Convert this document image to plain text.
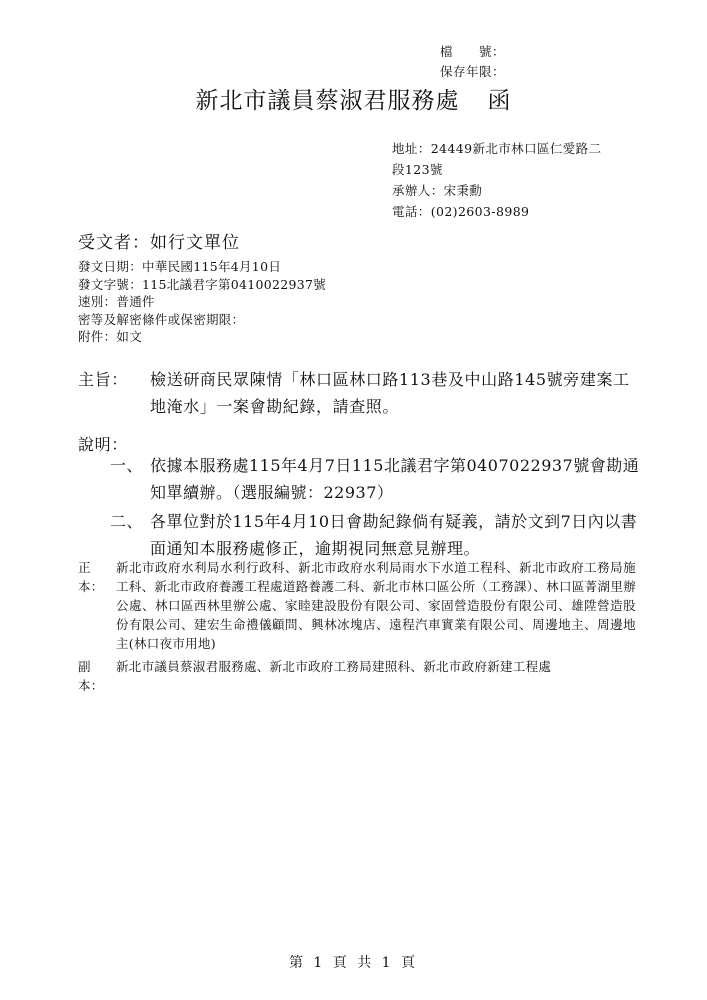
檔　　號：
保存年限：
新北市議員蔡淑君服務處 函
地址：24449新北市林口區仁愛路二
段123號
承辦人：宋秉勳
電話：(02)2603-8989
受文者：如行文單位
發文日期：中華民國115年4月10日
發文字號：115北議君字第0410022937號
速別：普通件
密等及解密條件或保密期限：
附件：如文
主旨：	檢送研商民眾陳情「林口區林口路113巷及中山路145號旁建案工地淹水」一案會勘紀錄，請查照。
說明：
一、 依據本服務處115年4月7日115北議君字第0407022937號會勘通知單續辦。（選服編號：22937）
二、 各單位對於115年4月10日會勘紀錄倘有疑義，請於文到7日內以書面通知本服務處修正，逾期視同無意見辦理。
正本：
新北市政府水利局水利行政科、新北市政府水利局雨水下水道工程科、新北市政府工務局施工科、新北市政府養護工程處道路養護二科、新北市林口區公所（工務課）、林口區菁湖里辦公處、林口區西林里辦公處、家睦建設股份有限公司、家固營造股份有限公司、雄陞營造股份有限公司、建宏生命禮儀顧問、興林冰塊店、遠程汽車實業有限公司、周邊地主、周邊地主(林口夜市用地)
副本：
新北市議員蔡淑君服務處、新北市政府工務局建照科、新北市政府新建工程處
第 1 頁 共 1 頁
